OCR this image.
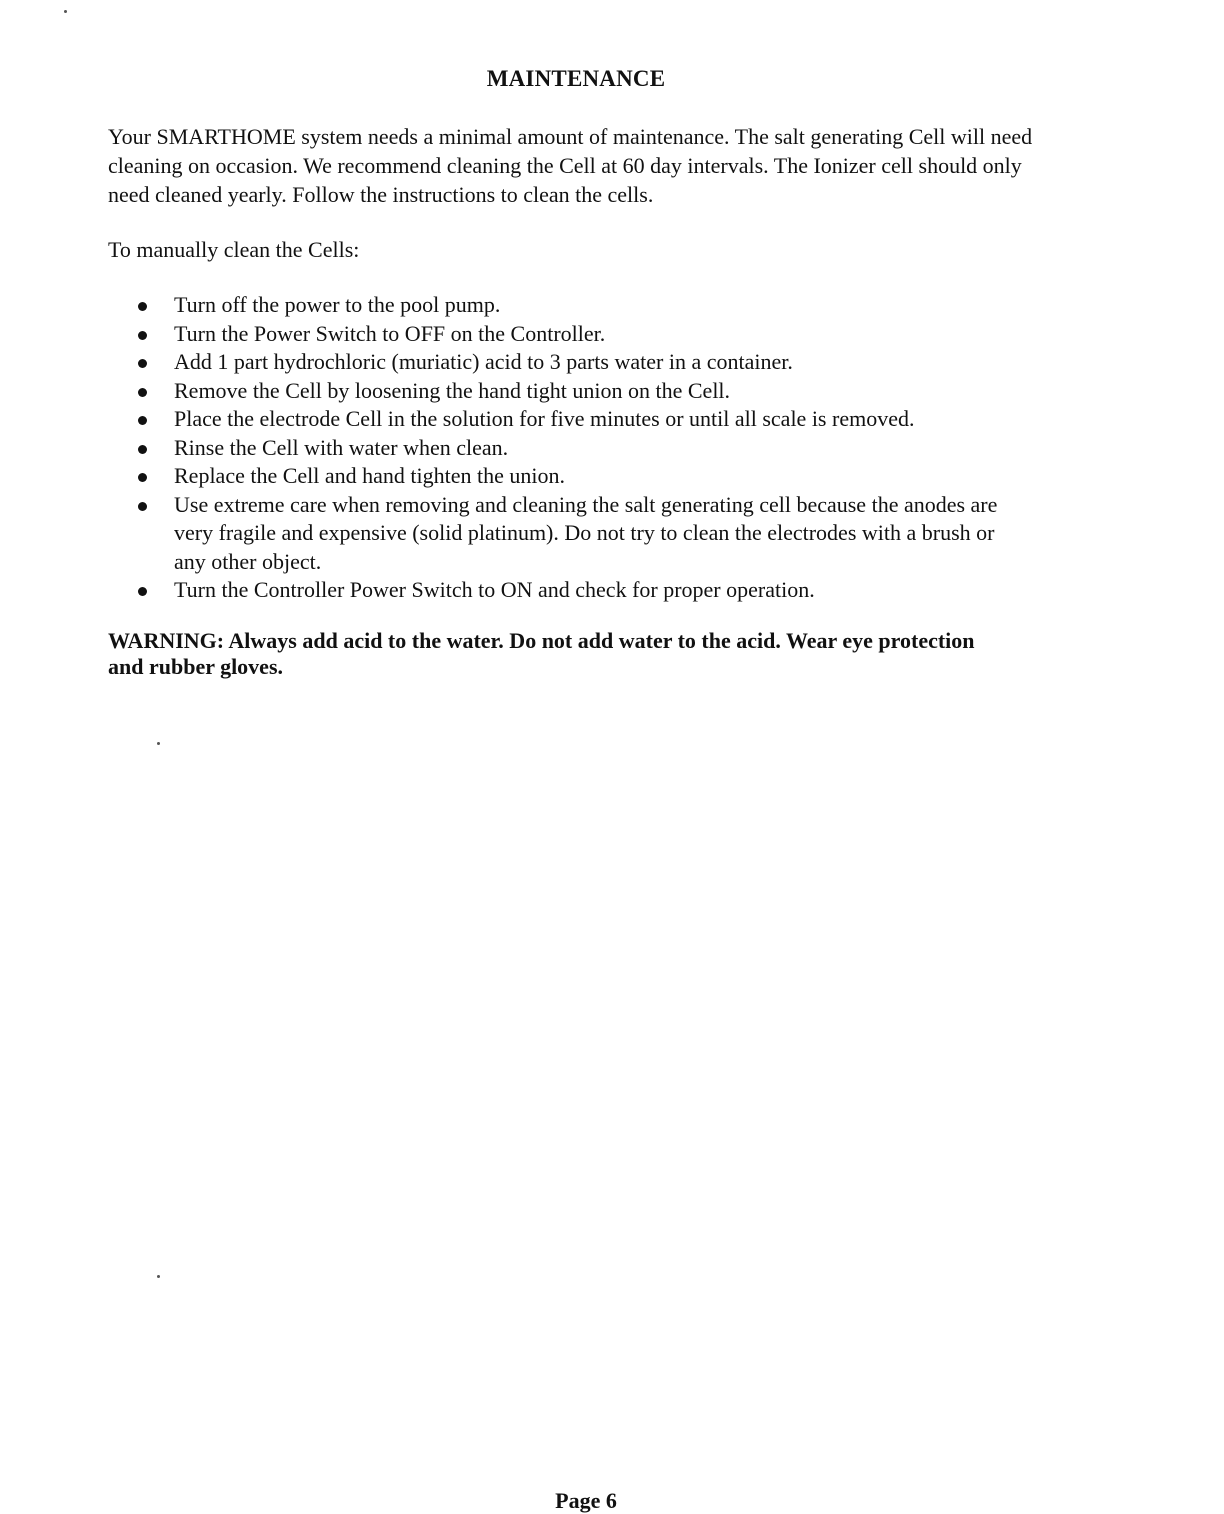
MAINTENANCE

Your SMARTHOME system needs a minimal amount of maintenance. The salt generating Cell will need cleaning on occasion. We recommend cleaning the Cell at 60 day intervals. The Ionizer cell should only need cleaned yearly. Follow the instructions to clean the cells.

To manually clean the Cells:
Turn off the power to the pool pump.
Turn the Power Switch to OFF on the Controller.
Add 1 part hydrochloric (muriatic) acid to 3 parts water in a container.
Remove the Cell by loosening the hand tight union on the Cell.
Place the electrode Cell in the solution for five minutes or until all scale is removed.
Rinse the Cell with water when clean.
Replace the Cell and hand tighten the union.
Use extreme care when removing and cleaning the salt generating cell because the anodes are very fragile and expensive (solid platinum). Do not try to clean the electrodes with a brush or any other object.
Turn the Controller Power Switch to ON and check for proper operation.
WARNING: Always add acid to the water. Do not add water to the acid. Wear eye protection and rubber gloves.
Page 6
